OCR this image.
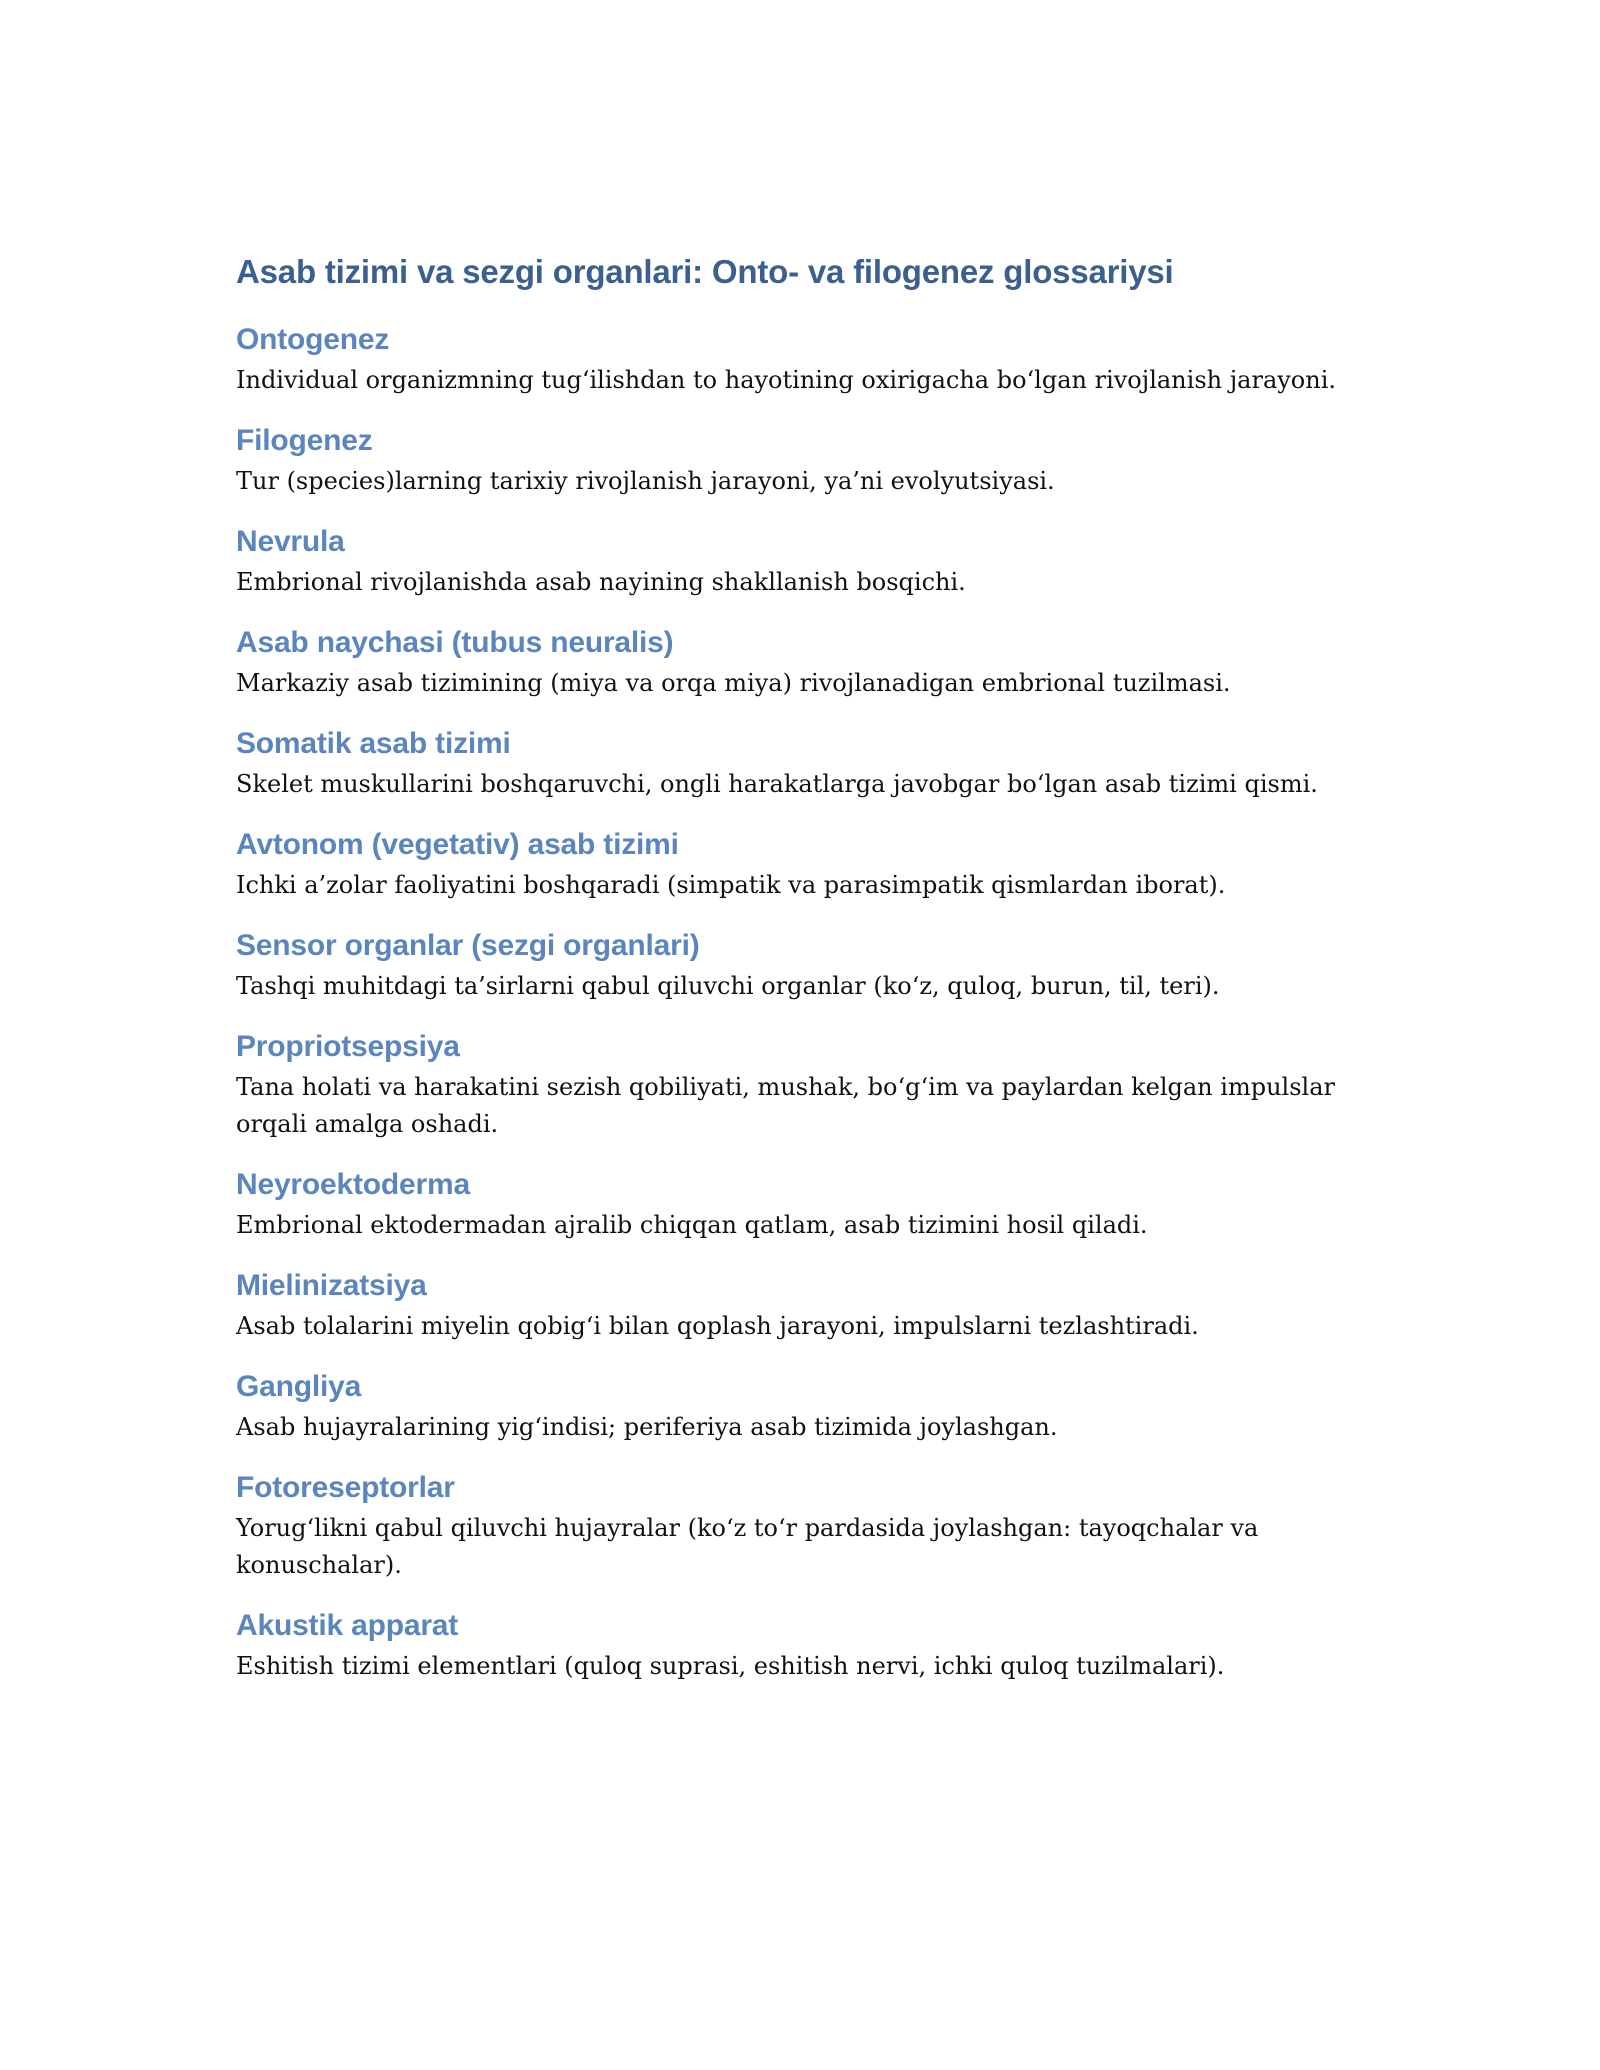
Asab tizimi va sezgi organlari: Onto- va filogenez glossariysi
Ontogenez

Individual organizmning tug‘ilishdan to hayotining oxirigacha bo‘lgan rivojlanish jarayoni.

Filogenez

Tur (species)larning tarixiy rivojlanish jarayoni, ya’ni evolyutsiyasi.

Nevrula

Embrional rivojlanishda asab nayining shakllanish bosqichi.

Asab naychasi (tubus neuralis)

Markaziy asab tizimining (miya va orqa miya) rivojlanadigan embrional tuzilmasi.

Somatik asab tizimi

Skelet muskullarini boshqaruvchi, ongli harakatlarga javobgar bo‘lgan asab tizimi qismi.

Avtonom (vegetativ) asab tizimi

Ichki a’zolar faoliyatini boshqaradi (simpatik va parasimpatik qismlardan iborat).

Sensor organlar (sezgi organlari)

Tashqi muhitdagi ta’sirlarni qabul qiluvchi organlar (ko‘z, quloq, burun, til, teri).

Propriotsepsiya

Tana holati va harakatini sezish qobiliyati, mushak, bo‘g‘im va paylardan kelgan impulslar orqali amalga oshadi.

Neyroektoderma

Embrional ektodermadan ajralib chiqqan qatlam, asab tizimini hosil qiladi.

Mielinizatsiya

Asab tolalarini miyelin qobig‘i bilan qoplash jarayoni, impulslarni tezlashtiradi.

Gangliya

Asab hujayralarining yig‘indisi; periferiya asab tizimida joylashgan.

Fotoreseptorlar

Yorug‘likni qabul qiluvchi hujayralar (ko‘z to‘r pardasida joylashgan: tayoqchalar va konuschalar).

Akustik apparat

Eshitish tizimi elementlari (quloq suprasi, eshitish nervi, ichki quloq tuzilmalari).
